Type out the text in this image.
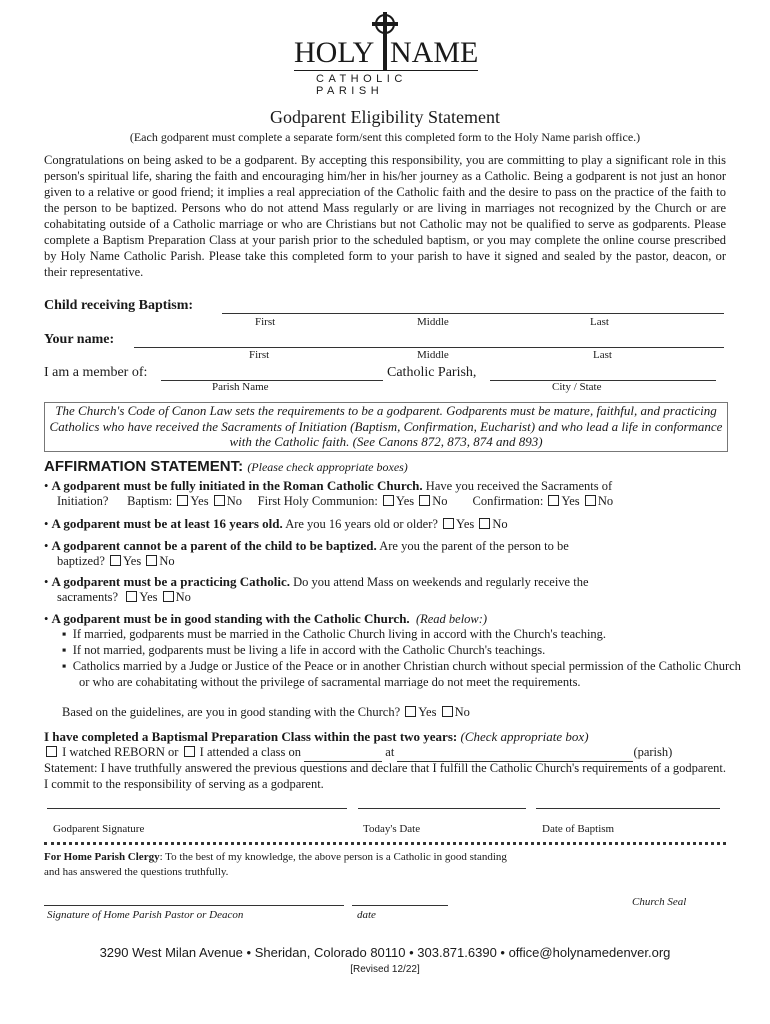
HOLY NAME
CATHOLIC PARISH
Godparent Eligibility Statement
(Each godparent must complete a separate form/sent this completed form to the Holy Name parish office.)
Congratulations on being asked to be a godparent. By accepting this responsibility, you are committing to play a significant role in this person's spiritual life, sharing the faith and encouraging him/her in his/her journey as a Catholic. Being a godparent is not just an honor given to a relative or good friend; it implies a real appreciation of the Catholic faith and the desire to pass on the practice of the faith to the person to be baptized. Persons who do not attend Mass regularly or are living in marriages not recognized by the Church or are cohabitating outside of a Catholic marriage or who are Christians but not Catholic may not be qualified to serve as godparents. Please complete a Baptism Preparation Class at your parish prior to the scheduled baptism, or you may complete the online course prescribed by Holy Name Catholic Parish. Please take this completed form to your parish to have it signed and sealed by the pastor, deacon, or their representative.
Child receiving Baptism:
First	Middle	Last
Your name:
First	Middle	Last
I am a member of:	Catholic Parish,
Parish Name	City / State
The Church's Code of Canon Law sets the requirements to be a godparent. Godparents must be mature, faithful, and practicing Catholics who have received the Sacraments of Initiation (Baptism, Confirmation, Eucharist) and who lead a life in conformance with the Catholic faith. (See Canons 872, 873, 874 and 893)
AFFIRMATION STATEMENT: (Please check appropriate boxes)
• A godparent must be fully initiated in the Roman Catholic Church. Have you received the Sacraments of
Initiation? Baptism: Yes No First Holy Communion: Yes No Confirmation: Yes No
• A godparent must be at least 16 years old. Are you 16 years old or older? Yes No
• A godparent cannot be a parent of the child to be baptized. Are you the parent of the person to be
baptized? Yes No
• A godparent must be a practicing Catholic. Do you attend Mass on weekends and regularly receive the
sacraments? Yes No
• A godparent must be in good standing with the Catholic Church. (Read below:)
▪  If married, godparents must be married in the Catholic Church living in accord with the Church's teaching.
▪  If not married, godparents must be living a life in accord with the Catholic Church's teachings.
▪  Catholics married by a Judge or Justice of the Peace or in another Christian church without special permission of the Catholic Church or who are cohabitating without the privilege of sacramental marriage do not meet the requirements.
Based on the guidelines, are you in good standing with the Church? Yes No
I have completed a Baptismal Preparation Class within the past two years: (Check appropriate box)
I watched REBORN or I attended a class on	at	(parish)
Statement: I have truthfully answered the previous questions and declare that I fulfill the Catholic Church's requirements of a godparent. I commit to the responsibility of serving as a godparent.
Godparent Signature	Today's Date	Date of Baptism
For Home Parish Clergy: To the best of my knowledge, the above person is a Catholic in good standing
and has answered the questions truthfully.
Church Seal
Signature of Home Parish Pastor or Deacon	date
3290 West Milan Avenue • Sheridan, Colorado 80110 • 303.871.6390 • office@holynamedenver.org
[Revised 12/22]
